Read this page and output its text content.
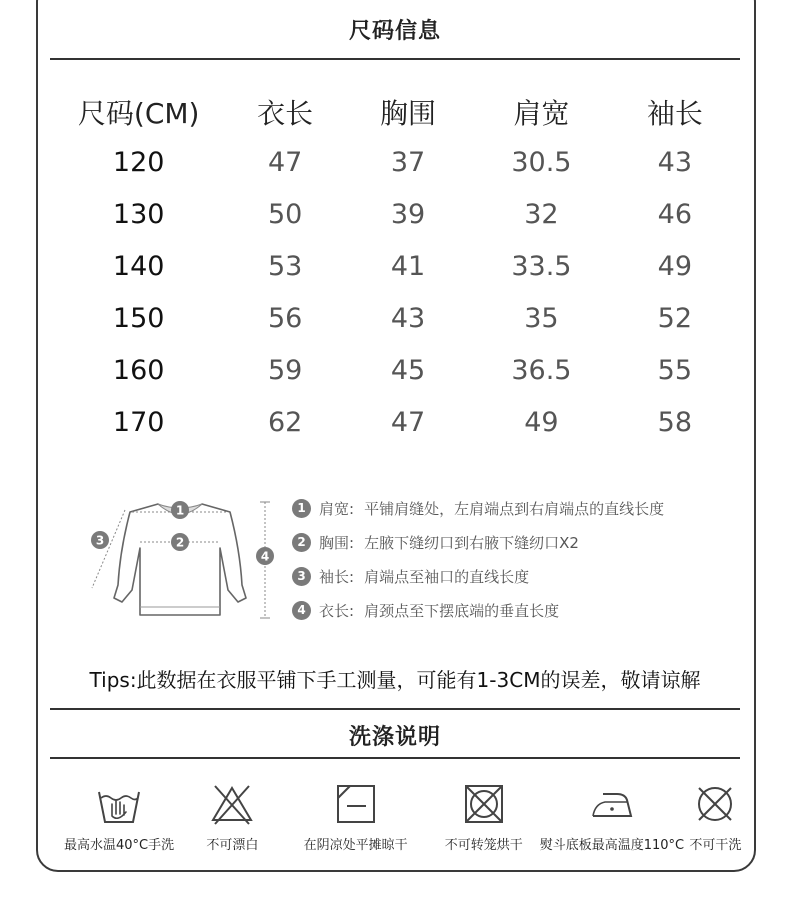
尺码信息
尺码(CM)	衣长	胸围	肩宽	袖长
120	47	37	30.5	43
130	50	39	32	46
140	53	41	33.5	49
150	56	43	35	52
160	59	45	36.5	55
170	62	47	49	58
1
2
3
4
1 肩宽: 平铺肩缝处，左肩端点到右肩端点的直线长度
2 胸围: 左腋下缝纫口到右腋下缝纫口X2
3 袖长: 肩端点至袖口的直线长度
4 衣长: 肩颈点至下摆底端的垂直长度
Tips:此数据在衣服平铺下手工测量，可能有1-3CM的误差，敬请谅解
洗涤说明
最高水温40°C手洗 不可漂白	在阴凉处平摊晾干	不可转笼烘干 熨斗底板最高温度110°C 不可干洗
